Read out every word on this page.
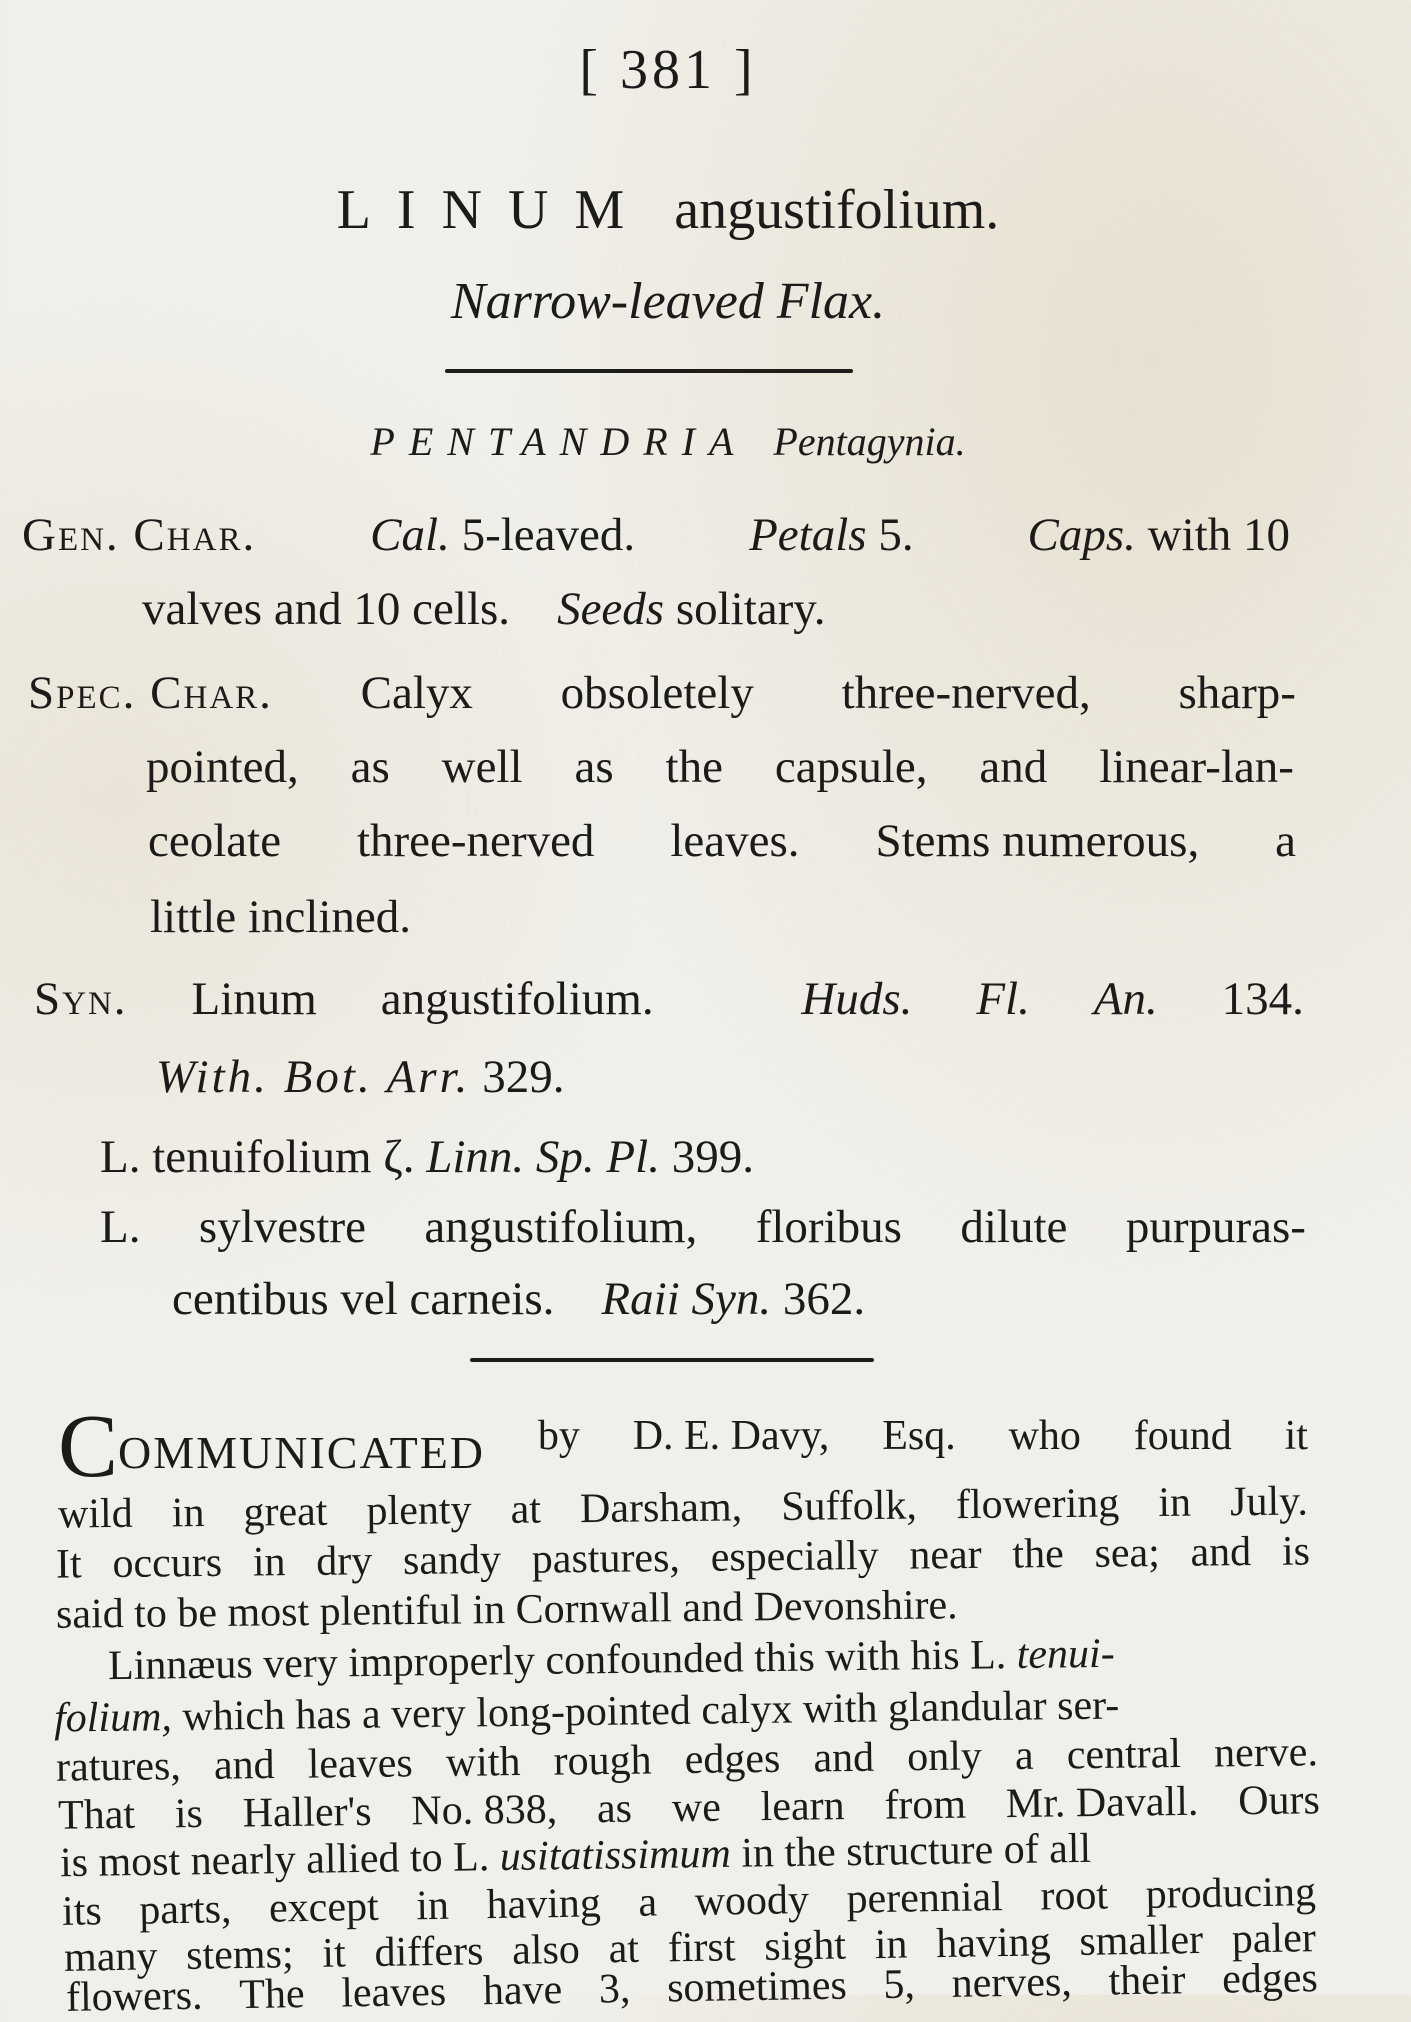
[ 381 ]
LINUM angustifolium.
Narrow-leaved Flax.
PENTANDRIA Pentagynia.
Gen. Char. Cal. 5-leaved. Petals 5. Caps. with 10
valves and 10 cells. Seeds solitary.
Spec. Char. Calyx obsoletely three-nerved, sharp-
pointed, as well as the capsule, and linear-lan-
ceolate three-nerved leaves. Stems numerous, a
little inclined.
Syn. Linum angustifolium.	Huds. Fl. An. 134.
With. Bot. Arr. 329.
L. tenuifolium ζ. Linn. Sp. Pl. 399.
L. sylvestre angustifolium, floribus dilute purpuras-
centibus vel carneis. Raii Syn. 362.
COMMUNICATED by D. E. Davy, Esq. who found it
wild in great plenty at Darsham, Suffolk, flowering in July.
It occurs in dry sandy pastures, especially near the sea; and is
said to be most plentiful in Cornwall and Devonshire.
Linnæus very improperly confounded this with his L. tenui-
folium, which has a very long-pointed calyx with glandular ser-
ratures, and leaves with rough edges and only a central nerve.
That is Haller's No. 838, as we learn from Mr. Davall. Ours
is most nearly allied to L. usitatissimum in the structure of all
its parts, except in having a woody perennial root producing
many stems; it differs also at first sight in having smaller paler
flowers. The leaves have 3, sometimes 5, nerves, their edges
